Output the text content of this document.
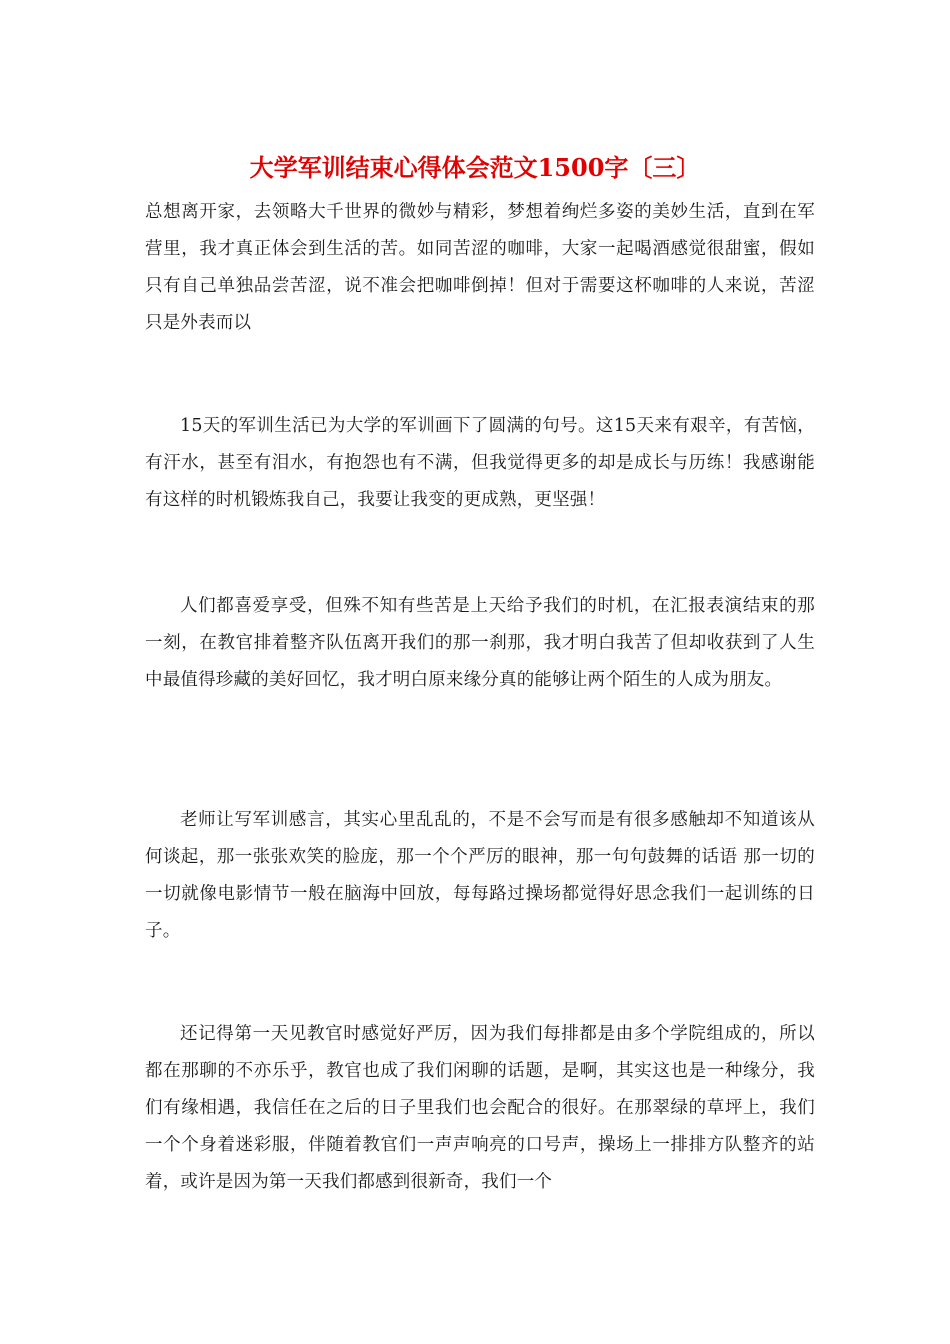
大学军训结束心得体会范文1500字〔三〕

总想离开家，去领略大千世界的微妙与精彩，梦想着绚烂多姿的美妙生活，直到在军营里，我才真正体会到生活的苦。如同苦涩的咖啡，大家一起喝酒感觉很甜蜜，假如只有自己单独品尝苦涩，说不准会把咖啡倒掉！但对于需要这杯咖啡的人来说，苦涩只是外表而以

15天的军训生活已为大学的军训画下了圆满的句号。这15天来有艰辛，有苦恼，有汗水，甚至有泪水，有抱怨也有不满，但我觉得更多的却是成长与历练！我感谢能有这样的时机锻炼我自己，我要让我变的更成熟，更坚强！

人们都喜爱享受，但殊不知有些苦是上天给予我们的时机，在汇报表演结束的那一刻，在教官排着整齐队伍离开我们的那一刹那，我才明白我苦了但却收获到了人生中最值得珍藏的美好回忆，我才明白原来缘分真的能够让两个陌生的人成为朋友。

老师让写军训感言，其实心里乱乱的，不是不会写而是有很多感触却不知道该从何谈起，那一张张欢笑的脸庞，那一个个严厉的眼神，那一句句鼓舞的话语 那一切的一切就像电影情节一般在脑海中回放，每每路过操场都觉得好思念我们一起训练的日子。

还记得第一天见教官时感觉好严厉，因为我们每排都是由多个学院组成的，所以都在那聊的不亦乐乎，教官也成了我们闲聊的话题，是啊，其实这也是一种缘分，我们有缘相遇，我信任在之后的日子里我们也会配合的很好。在那翠绿的草坪上，我们一个个身着迷彩服，伴随着教官们一声声响亮的口号声，操场上一排排方队整齐的站着，或许是因为第一天我们都感到很新奇，我们一个
